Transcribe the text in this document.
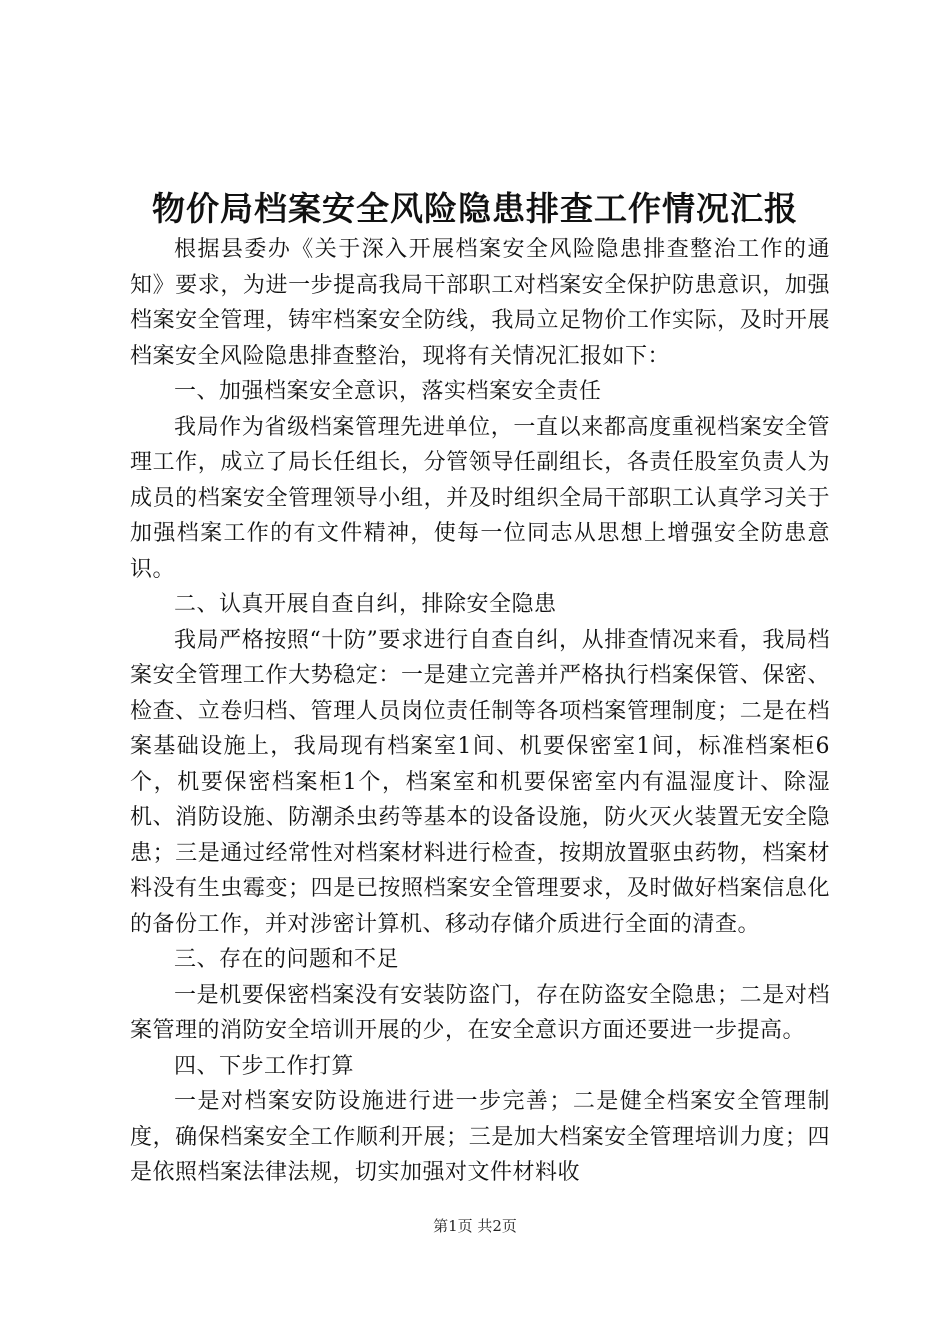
物价局档案安全风险隐患排查工作情况汇报

根据县委办《关于深入开展档案安全风险隐患排查整治工作的通知》要求，为进一步提高我局干部职工对档案安全保护防患意识，加强档案安全管理，铸牢档案安全防线，我局立足物价工作实际，及时开展档案安全风险隐患排查整治，现将有关情况汇报如下：

一、加强档案安全意识，落实档案安全责任

我局作为省级档案管理先进单位，一直以来都高度重视档案安全管理工作，成立了局长任组长，分管领导任副组长，各责任股室负责人为成员的档案安全管理领导小组，并及时组织全局干部职工认真学习关于加强档案工作的有文件精神，使每一位同志从思想上增强安全防患意识。

二、认真开展自查自纠，排除安全隐患

我局严格按照“十防”要求进行自查自纠，从排查情况来看，我局档案安全管理工作大势稳定：一是建立完善并严格执行档案保管、保密、检查、立卷归档、管理人员岗位责任制等各项档案管理制度；二是在档案基础设施上，我局现有档案室1间、机要保密室1间，标准档案柜6个，机要保密档案柜1个，档案室和机要保密室内有温湿度计、除湿机、消防设施、防潮杀虫药等基本的设备设施，防火灭火装置无安全隐患；三是通过经常性对档案材料进行检查，按期放置驱虫药物，档案材料没有生虫霉变；四是已按照档案安全管理要求，及时做好档案信息化的备份工作，并对涉密计算机、移动存储介质进行全面的清查。

三、存在的问题和不足

一是机要保密档案没有安装防盗门，存在防盗安全隐患；二是对档案管理的消防安全培训开展的少，在安全意识方面还要进一步提高。

四、下步工作打算

一是对档案安防设施进行进一步完善；二是健全档案安全管理制度，确保档案安全工作顺利开展；三是加大档案安全管理培训力度；四是依照档案法律法规，切实加强对文件材料收

第1页 共2页
